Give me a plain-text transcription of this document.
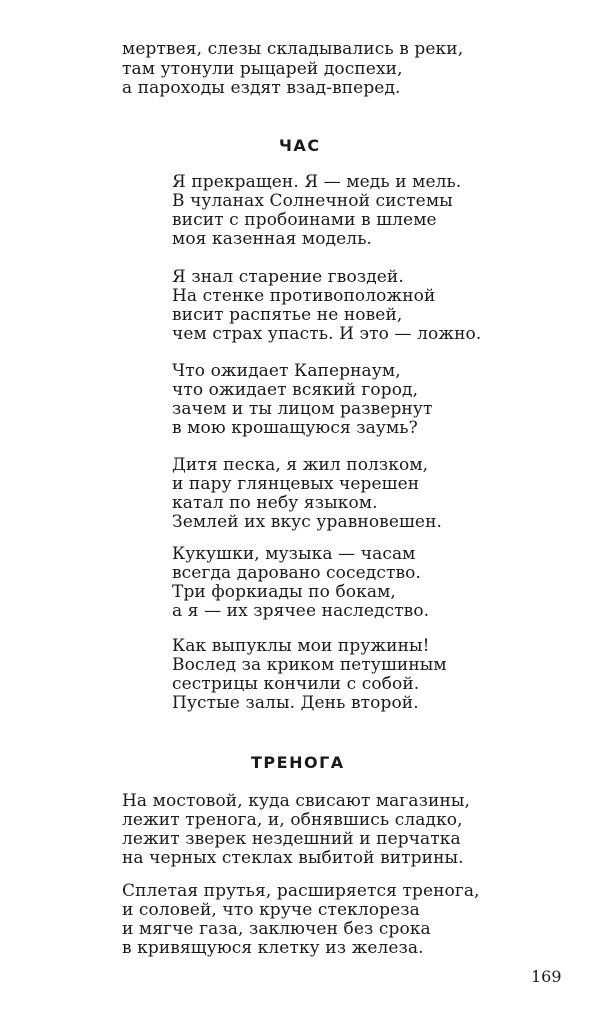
мертвея, слезы складывались в реки,
там утонули рыцарей доспехи,
а пароходы ездят взад-вперед.
ЧАС
Я прекращен. Я — медь и мель.
В чуланах Солнечной системы
висит с пробоинами в шлеме
моя казенная модель.
Я знал старение гвоздей.
На стенке противоположной
висит распятье не новей,
чем страх упасть. И это — ложно.
Что ожидает Капернаум,
что ожидает всякий город,
зачем и ты лицом развернут
в мою крошащуюся заумь?
Дитя песка, я жил ползком,
и пару глянцевых черешен
катал по небу языком.
Землей их вкус уравновешен.
Кукушки, музыка — часам
всегда даровано соседство.
Три форкиады по бокам,
а я — их зрячее наследство.
Как выпуклы мои пружины!
Вослед за криком петушиным
сестрицы кончили с собой.
Пустые залы. День второй.
ТРЕНОГА
На мостовой, куда свисают магазины,
лежит тренога, и, обнявшись сладко,
лежит зверек нездешний и перчатка
на черных стеклах выбитой витрины.
Сплетая прутья, расширяется тренога,
и соловей, что круче стеклореза
и мягче газа, заключен без срока
в кривящуюся клетку из железа.
169
